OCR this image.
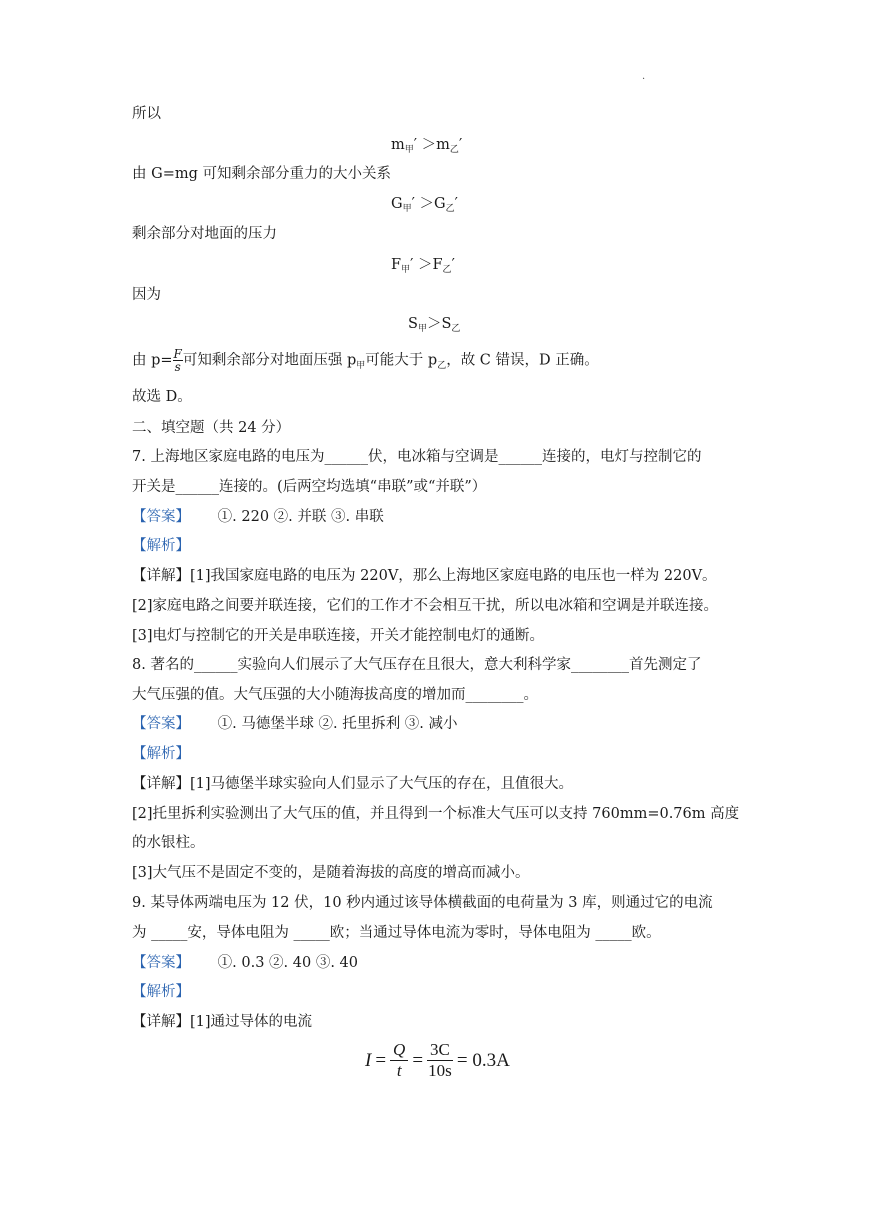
·
所以
$m_甲' >m_乙'$
由 G=mg 可知剩余部分重力的大小关系
$G_甲' >G_乙'$
剩余部分对地面的压力
$F_甲' >F_乙'$
因为
$S_甲>S_乙$
由 $p= \frac{F}{s}$ 可知剩余部分对地面压强 $p_甲$可能大于 $p_乙$，故 C 错误，D 正确。
故选 D。
二、填空题（共 24 分）
7. 上海地区家庭电路的电压为______伏，电冰箱与空调是______连接的，电灯与控制它的
开关是______连接的。(后两空均选填“串联”或“并联”）
【答案】 ①. 220 ②. 并联 ③. 串联
【解析】
【详解】[1]我国家庭电路的电压为 220V，那么上海地区家庭电路的电压也一样为 220V。
[2]家庭电路之间要并联连接，它们的工作才不会相互干扰，所以电冰箱和空调是并联连接。
[3]电灯与控制它的开关是串联连接，开关才能控制电灯的通断。
8. 著名的______实验向人们展示了大气压存在且很大，意大利科学家________首先测定了
大气压强的值。大气压强的大小随海拔高度的增加而________。
【答案】 ①. 马德堡半球 ②. 托里拆利 ③. 减小
【解析】
【详解】[1]马德堡半球实验向人们显示了大气压的存在，且值很大。
[2]托里拆利实验测出了大气压的值，并且得到一个标准大气压可以支持 760mm=0.76m 高度
的水银柱。
[3]大气压不是固定不变的，是随着海拔的高度的增高而减小。
9. 某导体两端电压为 12 伏，10 秒内通过该导体横截面的电荷量为 3 库，则通过它的电流
为 _____安，导体电阻为 _____欧；当通过导体电流为零时，导体电阻为 _____欧。
【答案】 ①. 0.3 ②. 40 ③. 40
【解析】
【详解】[1]通过导体的电流
$I = \frac{Q}{t} = \frac{3C}{10s} = 0.3A$
